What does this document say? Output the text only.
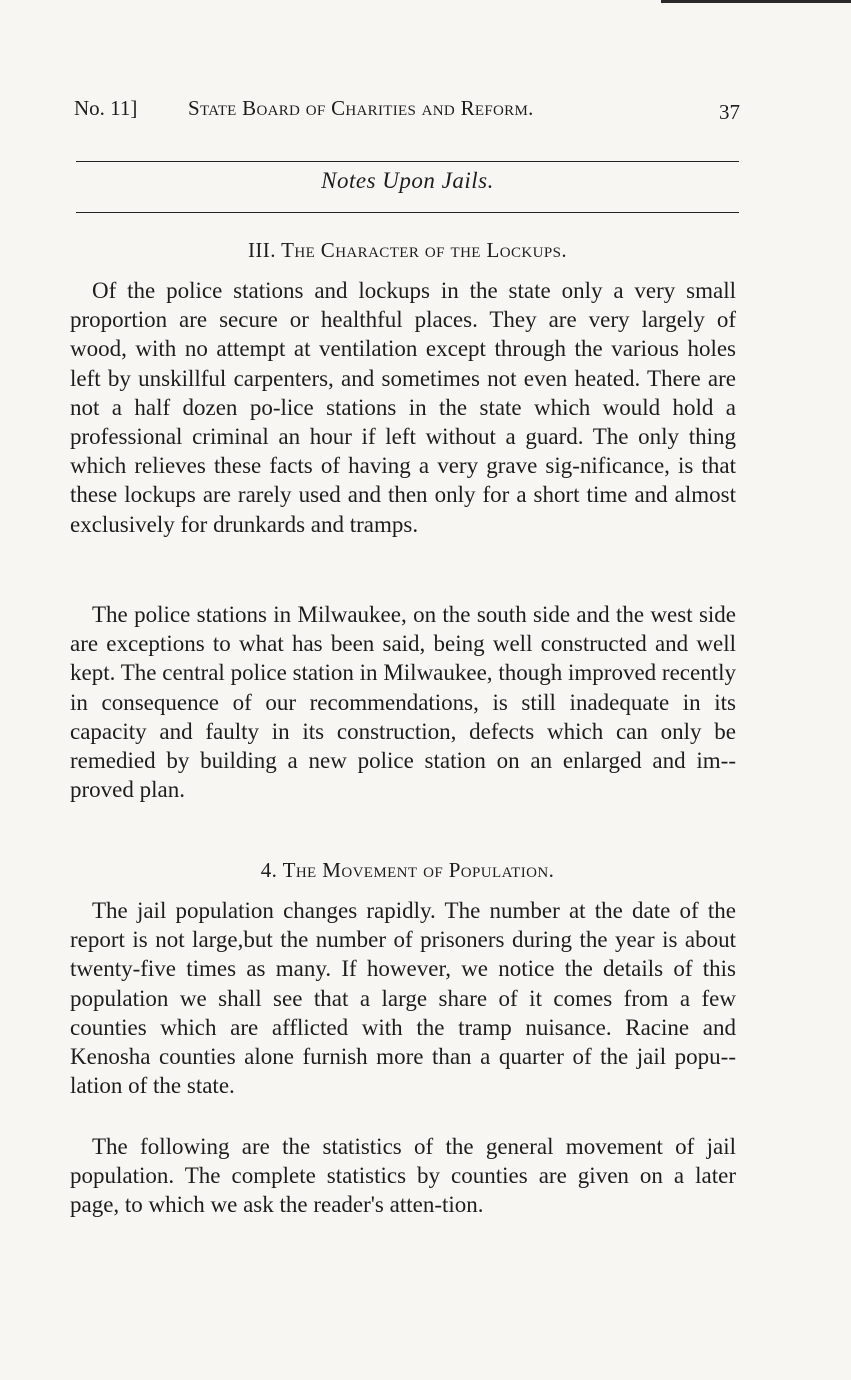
No. 11] State Board of Charities and Reform.	37
Notes Upon Jails.
III. The Character of the Lockups.

Of the police stations and lockups in the state only a very small proportion are secure or healthful places. They are very largely of wood, with no attempt at ventilation except through the various holes left by unskillful carpenters, and sometimes not even heated. There are not a half dozen po-lice stations in the state which would hold a professional criminal an hour if left without a guard. The only thing which relieves these facts of having a very grave sig-nificance, is that these lockups are rarely used and then only for a short time and almost exclusively for drunkards and tramps.

The police stations in Milwaukee, on the south side and the west side are exceptions to what has been said, being well constructed and well kept. The central police station in Milwaukee, though improved recently in consequence of our recommendations, is still inadequate in its capacity and faulty in its construction, defects which can only be remedied by building a new police station on an enlarged and im-proved plan.

4. The Movement of Population.

The jail population changes rapidly. The number at the date of the report is not large,but the number of prisoners during the year is about twenty-five times as many. If however, we notice the details of this population we shall see that a large share of it comes from a few counties which are afflicted with the tramp nuisance. Racine and Kenosha counties alone furnish more than a quarter of the jail popu-lation of the state.

The following are the statistics of the general movement of jail population. The complete statistics by counties are given on a later page, to which we ask the reader's atten-tion.
